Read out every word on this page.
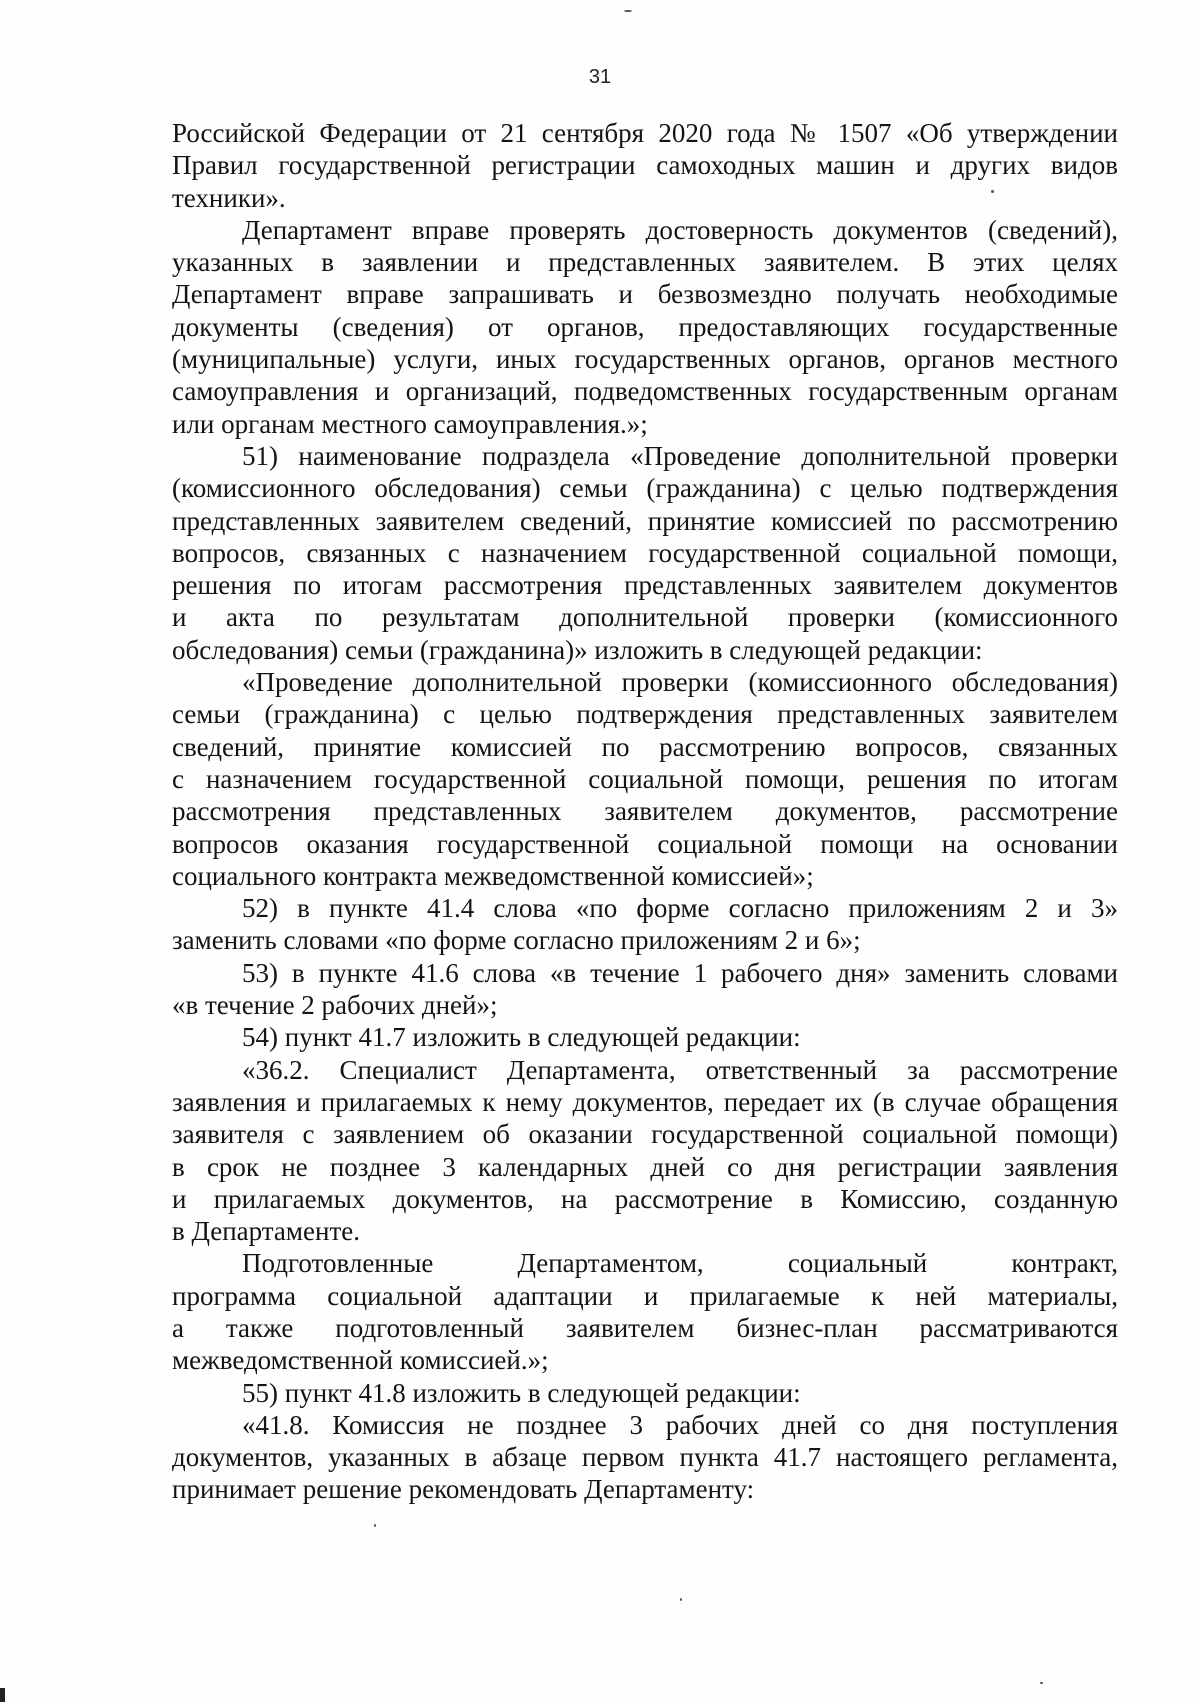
31
Российской Федерации от 21 сентября 2020 года № 1507 «Об утверждении
Правил государственной регистрации самоходных машин и других видов
техники».
Департамент вправе проверять достоверность документов (сведений),
указанных в заявлении и представленных заявителем. В этих целях
Департамент вправе запрашивать и безвозмездно получать необходимые
документы (сведения) от органов, предоставляющих государственные
(муниципальные) услуги, иных государственных органов, органов местного
самоуправления и организаций, подведомственных государственным органам
или органам местного самоуправления.»;
51) наименование подраздела «Проведение дополнительной проверки
(комиссионного обследования) семьи (гражданина) с целью подтверждения
представленных заявителем сведений, принятие комиссией по рассмотрению
вопросов, связанных с назначением государственной социальной помощи,
решения по итогам рассмотрения представленных заявителем документов
и акта по результатам дополнительной проверки (комиссионного
обследования) семьи (гражданина)» изложить в следующей редакции:
«Проведение дополнительной проверки (комиссионного обследования)
семьи (гражданина) с целью подтверждения представленных заявителем
сведений, принятие комиссией по рассмотрению вопросов, связанных
с назначением государственной социальной помощи, решения по итогам
рассмотрения представленных заявителем документов, рассмотрение
вопросов оказания государственной социальной помощи на основании
социального контракта межведомственной комиссией»;
52) в пункте 41.4 слова «по форме согласно приложениям 2 и 3»
заменить словами «по форме согласно приложениям 2 и 6»;
53) в пункте 41.6 слова «в течение 1 рабочего дня» заменить словами
«в течение 2 рабочих дней»;
54) пункт 41.7 изложить в следующей редакции:
«36.2. Специалист Департамента, ответственный за рассмотрение
заявления и прилагаемых к нему документов, передает их (в случае обращения
заявителя с заявлением об оказании государственной социальной помощи)
в срок не позднее 3 календарных дней со дня регистрации заявления
и прилагаемых документов, на рассмотрение в Комиссию, созданную
в Департаменте.
Подготовленные Департаментом, социальный контракт,
программа социальной адаптации и прилагаемые к ней материалы,
а также подготовленный заявителем бизнес-план рассматриваются
межведомственной комиссией.»;
55) пункт 41.8 изложить в следующей редакции:
«41.8. Комиссия не позднее 3 рабочих дней со дня поступления
документов, указанных в абзаце первом пункта 41.7 настоящего регламента,
принимает решение рекомендовать Департаменту:
